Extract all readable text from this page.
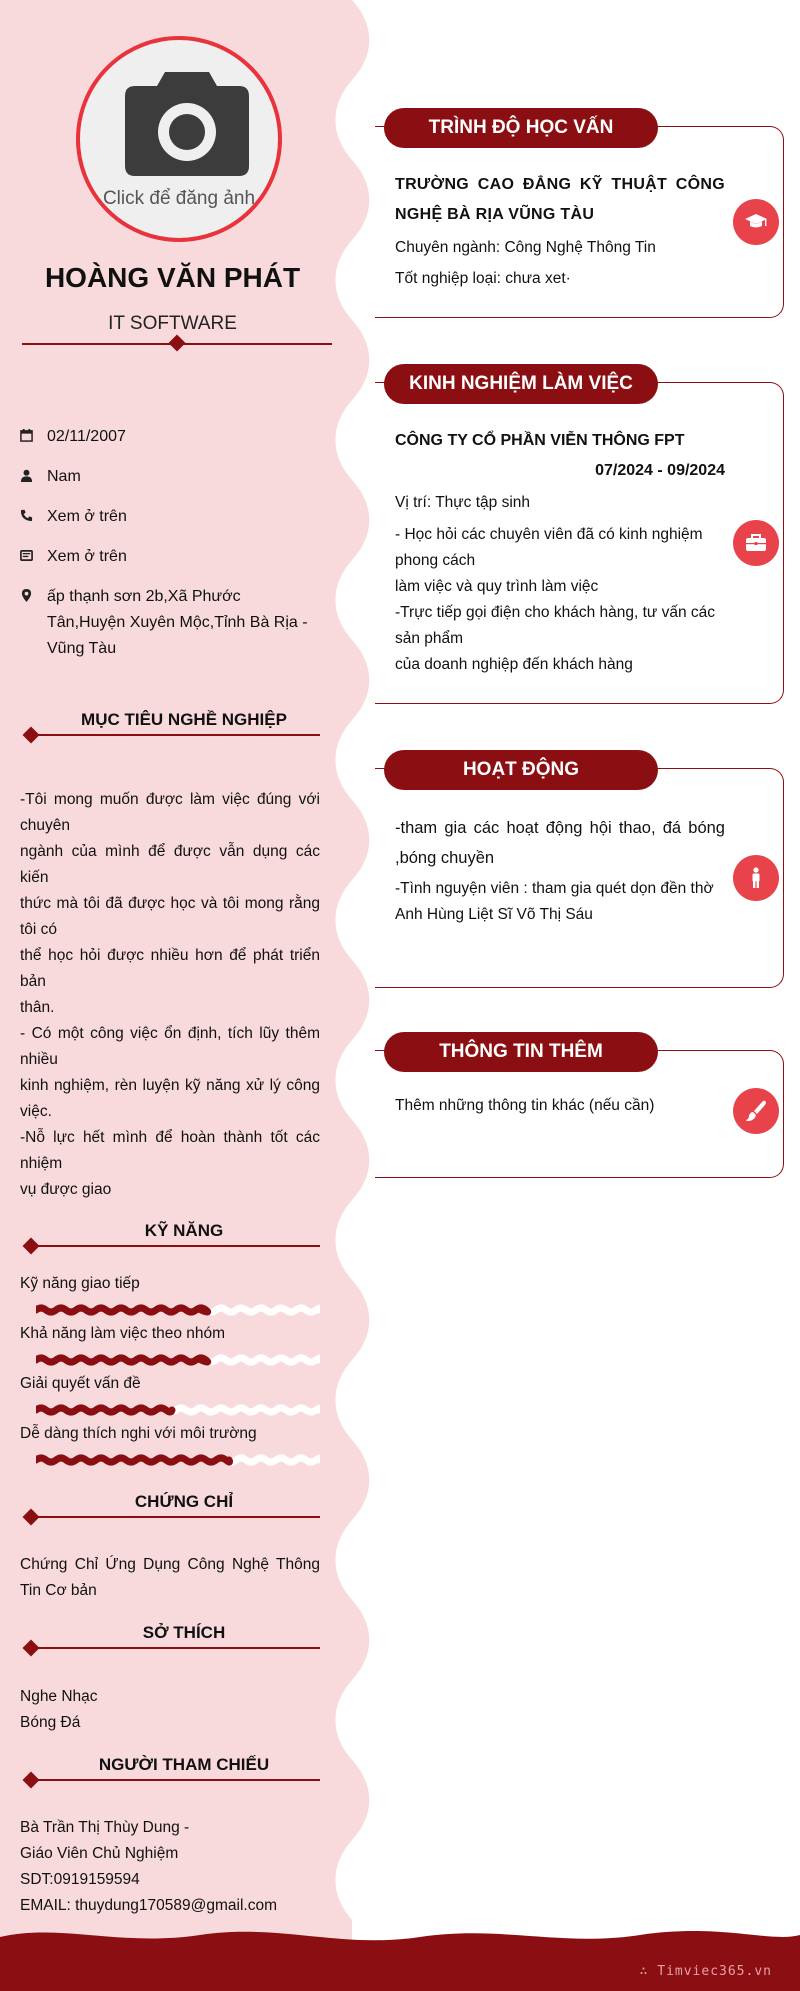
Click để đăng ảnh
HOÀNG VĂN PHÁT
IT SOFTWARE
02/11/2007
Nam
Xem ở trên
Xem ở trên
ấp thạnh sơn 2b,Xã Phước Tân,Huyện Xuyên Mộc,Tỉnh Bà Rịa - Vũng Tàu
MỤC TIÊU NGHỀ NGHIỆP
-Tôi mong muốn được làm việc đúng với chuyên
ngành của mình để được vẫn dụng các kiến
thức mà tôi đã được học và tôi mong rằng tôi có
thể học hỏi được nhiều hơn để phát triển bản
thân.
- Có một công việc ổn định, tích lũy thêm nhiều
kinh nghiệm, rèn luyện kỹ năng xử lý công việc.
-Nỗ lực hết mình để hoàn thành tốt các nhiệm
vụ được giao
KỸ NĂNG
Kỹ năng giao tiếp
Khả năng làm việc theo nhóm
Giải quyết vấn đề
Dễ dàng thích nghi với môi trường
CHỨNG CHỈ
Chứng Chỉ Ứng Dụng Công Nghệ Thông Tin Cơ bản
SỞ THÍCH
Nghe Nhạc
Bóng Đá
NGƯỜI THAM CHIẾU
Bà Trần Thị Thùy Dung -
Giáo Viên Chủ Nghiệm
SDT:0919159594
EMAIL: thuydung170589@gmail.com
TRÌNH ĐỘ HỌC VẤN
TRƯỜNG CAO ĐẲNG KỸ THUẬT CÔNG NGHỆ BÀ RỊA VŨNG TÀU
Chuyên ngành: Công Nghệ Thông Tin
Tốt nghiệp loại: chưa xet·
KINH NGHIỆM LÀM VIỆC
CÔNG TY CỔ PHẦN VIỄN THÔNG FPT
07/2024 - 09/2024
Vị trí: Thực tập sinh
- Học hỏi các chuyên viên đã có kinh nghiệm phong cách
làm việc và quy trình làm việc
-Trực tiếp gọi điện cho khách hàng, tư vấn các sản phẩm
của doanh nghiệp đến khách hàng
HOẠT ĐỘNG
-tham gia các hoạt động hội thao, đá bóng ,bóng chuyền
-Tình nguyện viên : tham gia quét dọn đền thờ Anh Hùng Liệt Sĩ Võ Thị Sáu
THÔNG TIN THÊM
Thêm những thông tin khác (nếu cần)
∴ Timviec365.vn
